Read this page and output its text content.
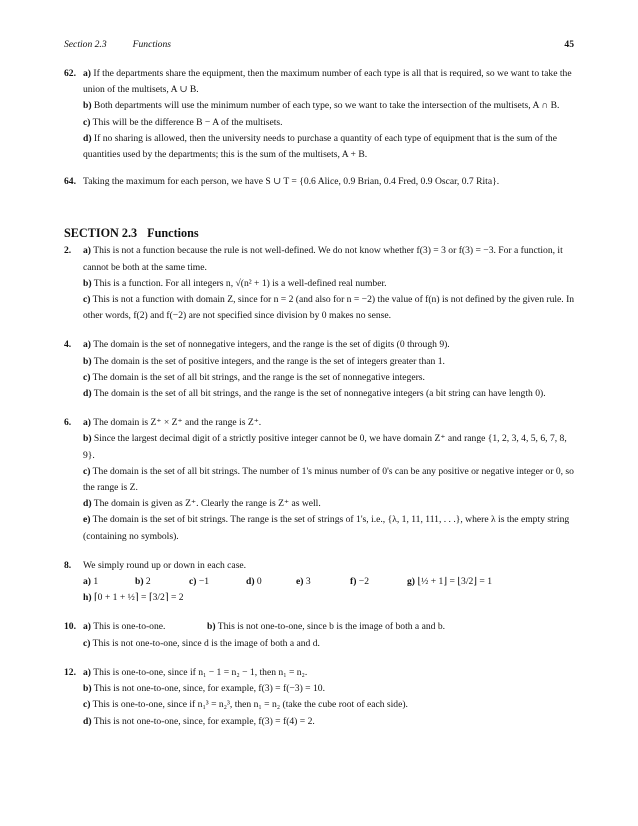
Section 2.3	Functions	45
62. a) If the departments share the equipment, then the maximum number of each type is all that is required, so we want to take the union of the multisets, A ∪ B.

b) Both departments will use the minimum number of each type, so we want to take the intersection of the multisets, A ∩ B.

c) This will be the difference B − A of the multisets.

d) If no sharing is allowed, then the university needs to purchase a quantity of each type of equipment that is the sum of the quantities used by the departments; this is the sum of the multisets, A + B.

64. Taking the maximum for each person, we have S ∪ T = {0.6 Alice, 0.9 Brian, 0.4 Fred, 0.9 Oscar, 0.7 Rita}.

SECTION 2.3 Functions
2. a) This is not a function because the rule is not well-defined. We do not know whether f(3) = 3 or f(3) = −3. For a function, it cannot be both at the same time.

b) This is a function. For all integers n, √(n² + 1) is a well-defined real number.

c) This is not a function with domain Z, since for n = 2 (and also for n = −2) the value of f(n) is not defined by the given rule. In other words, f(2) and f(−2) are not specified since division by 0 makes no sense.

4. a) The domain is the set of nonnegative integers, and the range is the set of digits (0 through 9).

b) The domain is the set of positive integers, and the range is the set of integers greater than 1.

c) The domain is the set of all bit strings, and the range is the set of nonnegative integers.

d) The domain is the set of all bit strings, and the range is the set of nonnegative integers (a bit string can have length 0).

6. a) The domain is Z⁺ × Z⁺ and the range is Z⁺.

b) Since the largest decimal digit of a strictly positive integer cannot be 0, we have domain Z⁺ and range {1, 2, 3, 4, 5, 6, 7, 8, 9}.

c) The domain is the set of all bit strings. The number of 1's minus number of 0's can be any positive or negative integer or 0, so the range is Z.

d) The domain is given as Z⁺. Clearly the range is Z⁺ as well.

e) The domain is the set of bit strings. The range is the set of strings of 1's, i.e., {λ, 1, 11, 111, . . .}, where λ is the empty string (containing no symbols).

8. We simply round up or down in each case.

a) 1	b) 2	c) −1	d) 0	e) 3	f) −2	g) ⌊½ + 1⌋ = ⌊3/2⌋ = 1

h) ⌈0 + 1 + ½⌉ = ⌈3/2⌉ = 2

10. a) This is one-to-one.	b) This is not one-to-one, since b is the image of both a and b.

c) This is not one-to-one, since d is the image of both a and d.

12. a) This is one-to-one, since if n₁ − 1 = n₂ − 1, then n₁ = n₂.

b) This is not one-to-one, since, for example, f(3) = f(−3) = 10.

c) This is one-to-one, since if n₁³ = n₂³, then n₁ = n₂ (take the cube root of each side).

d) This is not one-to-one, since, for example, f(3) = f(4) = 2.
